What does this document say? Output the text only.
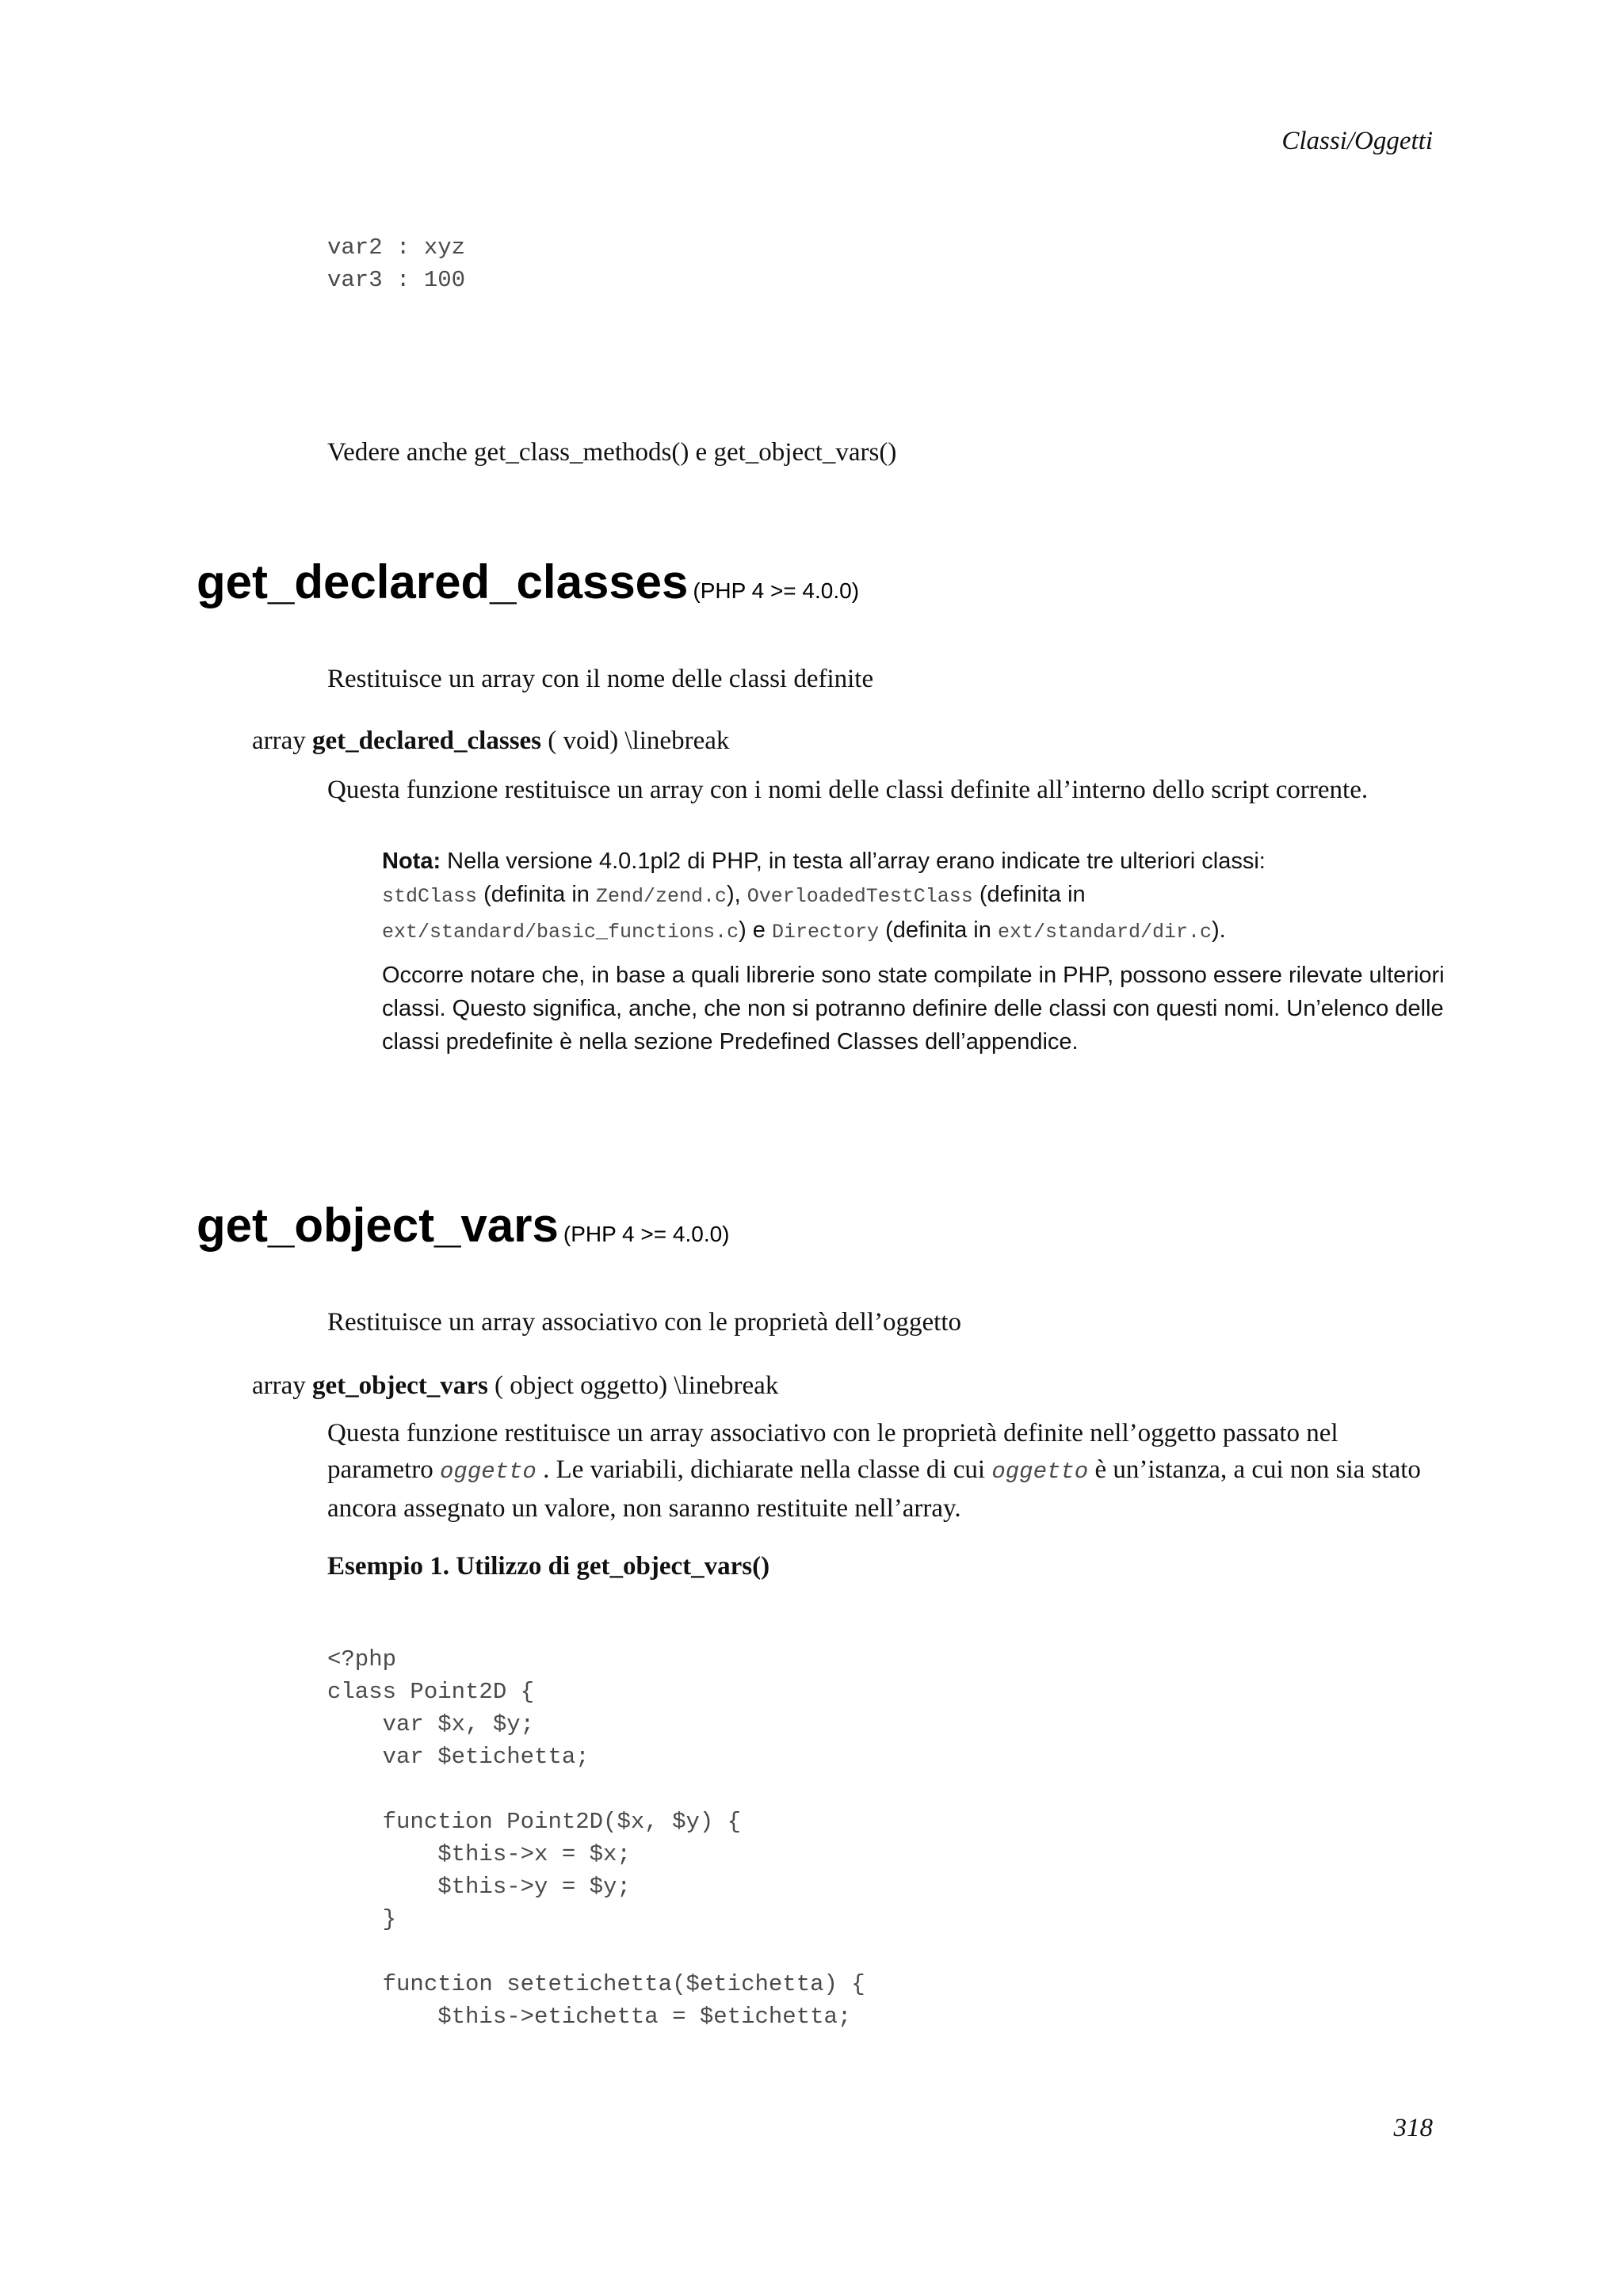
Classi/Oggetti
var2 : xyz
var3 : 100

Vedere anche get_class_methods() e get_object_vars()

get_declared_classes (PHP 4 >= 4.0.0)

Restituisce un array con il nome delle classi definite

array get_declared_classes ( void) \linebreak

Questa funzione restituisce un array con i nomi delle classi definite all’interno dello script corrente.

Nota: Nella versione 4.0.1pl2 di PHP, in testa all’array erano indicate tre ulteriori classi:
stdClass (definita in Zend/zend.c), OverloadedTestClass (definita in
ext/standard/basic_functions.c) e Directory (definita in ext/standard/dir.c).

Occorre notare che, in base a quali librerie sono state compilate in PHP, possono essere rilevate ulteriori classi. Questo significa, anche, che non si potranno definire delle classi con questi nomi. Un’elenco delle classi predefinite è nella sezione Predefined Classes dell’appendice.

get_object_vars (PHP 4 >= 4.0.0)

Restituisce un array associativo con le proprietà dell’oggetto

array get_object_vars ( object oggetto) \linebreak

Questa funzione restituisce un array associativo con le proprietà definite nell’oggetto passato nel parametro oggetto . Le variabili, dichiarate nella classe di cui oggetto è un’istanza, a cui non sia stato ancora assegnato un valore, non saranno restituite nell’array.

Esempio 1. Utilizzo di get_object_vars()

<?php
class Point2D {
var $x, $y;
var $etichetta;

function Point2D($x, $y) {
$this->x = $x;
$this->y = $y;
}

function setetichetta($etichetta) {
$this->etichetta = $etichetta;
318
